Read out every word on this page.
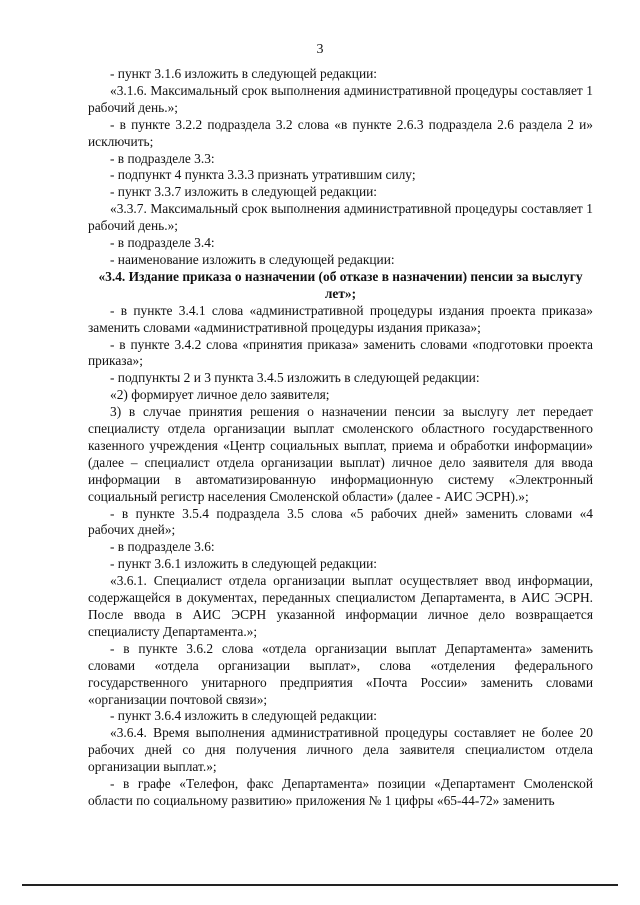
3

- пункт 3.1.6 изложить в следующей редакции:

«3.1.6. Максимальный срок выполнения административной процедуры составляет 1 рабочий день.»;

- в пункте 3.2.2 подраздела 3.2 слова «в пункте 2.6.3 подраздела 2.6 раздела 2 и» исключить;

- в подразделе 3.3:

- подпункт 4 пункта 3.3.3 признать утратившим силу;

- пункт 3.3.7 изложить в следующей редакции:

«3.3.7. Максимальный срок выполнения административной процедуры составляет 1 рабочий день.»;

- в подразделе 3.4:

- наименование изложить в следующей редакции:

«3.4. Издание приказа о назначении (об отказе в назначении) пенсии за выслугу лет»;

- в пункте 3.4.1 слова «административной процедуры издания проекта приказа» заменить словами «административной процедуры издания приказа»;

- в пункте 3.4.2 слова «принятия приказа» заменить словами «подготовки проекта приказа»;

- подпункты 2 и 3 пункта 3.4.5 изложить в следующей редакции:

«2) формирует личное дело заявителя;

3) в случае принятия решения о назначении пенсии за выслугу лет передает специалисту отдела организации выплат смоленского областного государственного казенного учреждения «Центр социальных выплат, приема и обработки информации» (далее – специалист отдела организации выплат) личное дело заявителя для ввода информации в автоматизированную информационную систему «Электронный социальный регистр населения Смоленской области» (далее - АИС ЭСРН).»;

- в пункте 3.5.4 подраздела 3.5 слова «5 рабочих дней» заменить словами «4 рабочих дней»;

- в подразделе 3.6:

- пункт 3.6.1 изложить в следующей редакции:

«3.6.1. Специалист отдела организации выплат осуществляет ввод информации, содержащейся в документах, переданных специалистом Департамента, в АИС ЭСРН. После ввода в АИС ЭСРН указанной информации личное дело возвращается специалисту Департамента.»;

- в пункте 3.6.2 слова «отдела организации выплат Департамента» заменить словами «отдела организации выплат», слова «отделения федерального государственного унитарного предприятия «Почта России» заменить словами «организации почтовой связи»;

- пункт 3.6.4 изложить в следующей редакции:

«3.6.4. Время выполнения административной процедуры составляет не более 20 рабочих дней со дня получения личного дела заявителя специалистом отдела организации выплат.»;

- в графе «Телефон, факс Департамента» позиции «Департамент Смоленской области по социальному развитию» приложения № 1 цифры «65-44-72» заменить
